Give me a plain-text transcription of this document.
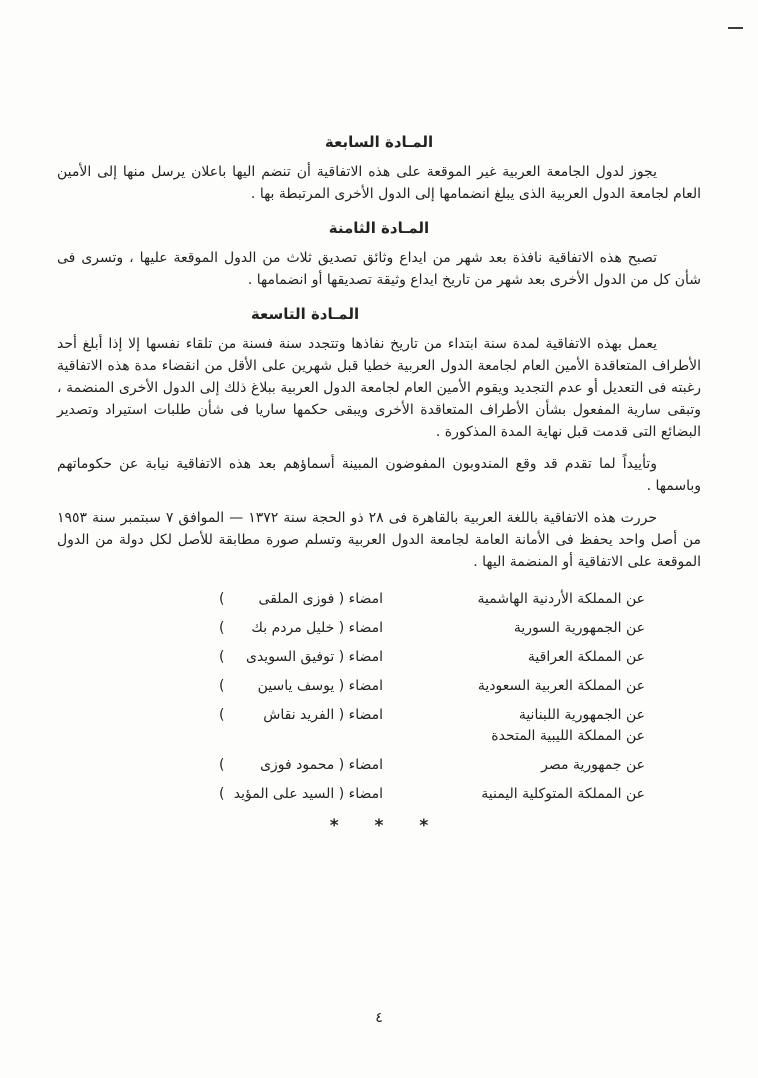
المـادة السابعة

يجوز لدول الجامعة العربية غير الموقعة على هذه الاتفاقية أن تنضم اليها باعلان يرسل منها إلى الأمين العام لجامعة الدول العربية الذى يبلغ انضمامها إلى الدول الأخرى المرتبطة بها .

المـادة الثامنة

تصبح هذه الاتفاقية نافذة بعد شهر من ايداع وثائق تصديق ثلاث من الدول الموقعة عليها ، وتسرى فى شأن كل من الدول الأخرى بعد شهر من تاريخ ايداع وثيقة تصديقها أو انضمامها .

المـادة التاسعة

يعمل بهذه الاتفاقية لمدة سنة ابتداء من تاريخ نفاذها وتتجدد سنة فسنة من تلقاء نفسها إلا إذا أبلغ أحد الأطراف المتعاقدة الأمين العام لجامعة الدول العربية خطيا قبل شهرين على الأقل من انقضاء مدة هذه الاتفاقية رغبته فى التعديل أو عدم التجديد ويقوم الأمين العام لجامعة الدول العربية ببلاغ ذلك إلى الدول الأخرى المنضمة ، وتبقى سارية المفعول بشأن الأطراف المتعاقدة الأخرى ويبقى حكمها ساريا فى شأن طلبات استيراد وتصدير البضائع التى قدمت قبل نهاية المدة المذكورة .

وتأييداً لما تقدم قد وقع المندوبون المفوضون المبينة أسماؤهم بعد هذه الاتفاقية نيابة عن حكوماتهم وباسمها .

حررت هذه الاتفاقية باللغة العربية بالقاهرة فى ٢٨ ذو الحجة سنة ١٣٧٢ — الموافق ٧ سبتمبر سنة ١٩٥٣ من أصل واحد يحفظ فى الأمانة العامة لجامعة الدول العربية وتسلم صورة مطابقة للأصل لكل دولة من الدول الموقعة على الاتفاقية أو المنضمة اليها .

عن المملكة الأردنية الهاشمية
امضاء ( فوزى الملقى
)
عن الجمهورية السورية
امضاء ( خليل مردم بك
)
عن المملكة العراقية
امضاء ( توفيق السويدى
)
عن المملكة العربية السعودية
امضاء ( يوسف ياسين
)
عن الجمهورية اللبنانية
امضاء ( الفريد نقاش
)
عن المملكة الليبية المتحدة
عن جمهورية مصر
امضاء ( محمود فوزى
)
عن المملكة المتوكلية اليمنية
امضاء ( السيد على المؤيد
)
* * *
٤
